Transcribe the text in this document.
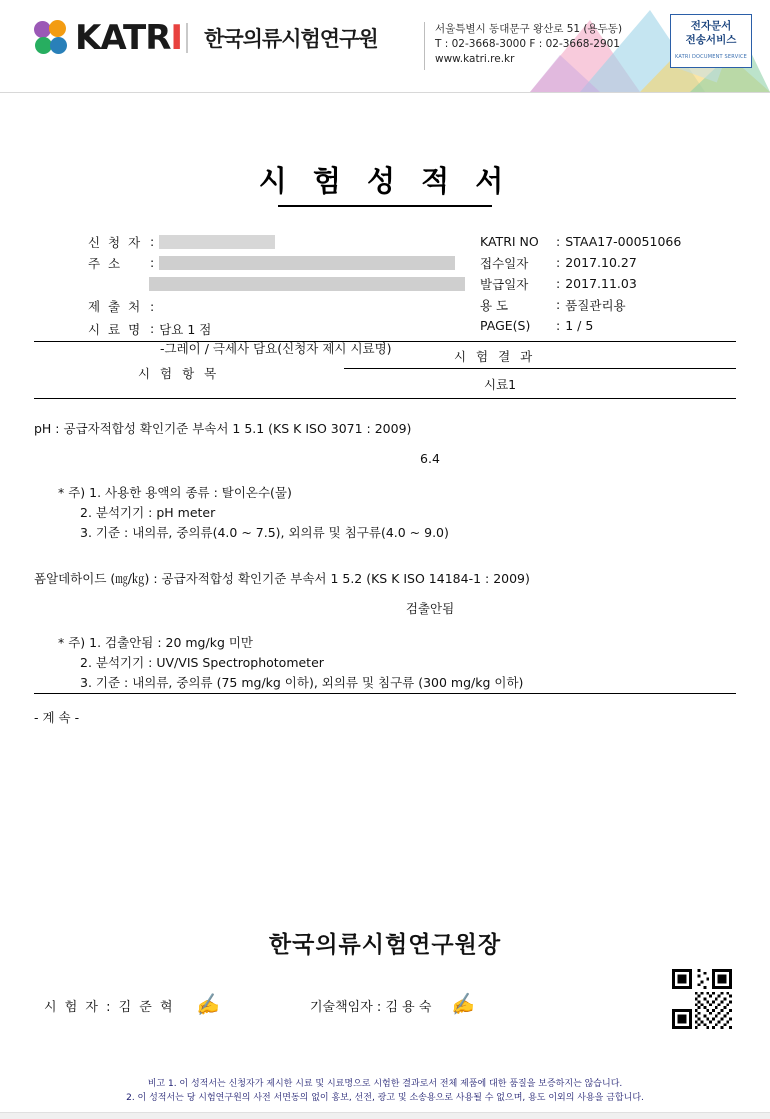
KATRI 한국의류시험연구원	서울특별시 동대문구 왕산로 51 (용두동)
T : 02-3668-3000 F : 02-3668-2901
www.katri.re.kr
전자문서
전송서비스
KATRI DOCUMENT SERVICE
시 험 성 적 서
신 청 자 :
주 소	:
제 출 처 :
시 료 명 : 담요 1 점
-그레이 / 극세사 담요(신청자 제시 시료명)
KATRI NO	: STAA17-00051066
접수일자	: 2017.10.27
발급일자	: 2017.11.03
용 도	: 품질관리용
PAGE(S)	: 1 / 5
시 험 항 목
시 험 결 과
시료1
pH : 공급자적합성 확인기준 부속서 1 5.1 (KS K ISO 3071 : 2009)
6.4
* 주) 1. 사용한 용액의 종류 : 탈이온수(물)
2. 분석기기 : pH meter
3. 기준 : 내의류, 중의류(4.0 ~ 7.5), 외의류 및 침구류(4.0 ~ 9.0)
폼알데하이드 (㎎/㎏) : 공급자적합성 확인기준 부속서 1 5.2 (KS K ISO 14184-1 : 2009)
검출안됨
* 주) 1. 검출안됨 : 20 mg/kg 미만
2. 분석기기 : UV/VIS Spectrophotometer
3. 기준 : 내의류, 중의류 (75 mg/kg 이하), 외의류 및 침구류 (300 mg/kg 이하)
- 계 속 -
한국의류시험연구원장
시 험 자 : 김 준 혁 ✍	기술책임자 : 김 용 숙 ✍
비고 1. 이 성적서는 신청자가 제시한 시료 및 시료명으로 시험한 결과로서 전체 제품에 대한 품질을 보증하지는 않습니다.
2. 이 성적서는 당 시험연구원의 사전 서면동의 없이 홍보, 선전, 광고 및 소송용으로 사용될 수 없으며, 용도 이외의 사용을 금합니다.
